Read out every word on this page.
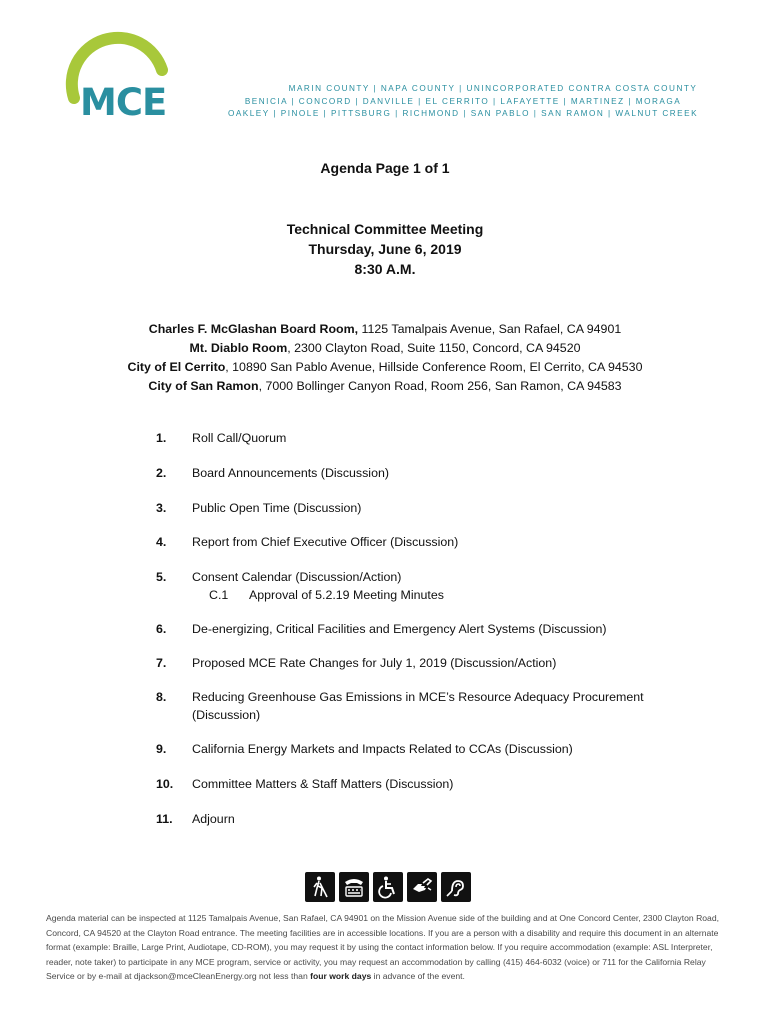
MCE	MARIN COUNTY | NAPA COUNTY | UNINCORPORATED CONTRA COSTA COUNTY
BENICIA | CONCORD | DANVILLE | EL CERRITO | LAFAYETTE | MARTINEZ | MORAGA
OAKLEY | PINOLE | PITTSBURG | RICHMOND | SAN PABLO | SAN RAMON | WALNUT CREEK
Agenda Page 1 of 1
Technical Committee Meeting
Thursday, June 6, 2019
8:30 A.M.
Charles F. McGlashan Board Room, 1125 Tamalpais Avenue, San Rafael, CA 94901
Mt. Diablo Room, 2300 Clayton Road, Suite 1150, Concord, CA 94520
City of El Cerrito, 10890 San Pablo Avenue, Hillside Conference Room, El Cerrito, CA 94530
City of San Ramon, 7000 Bollinger Canyon Road, Room 256, San Ramon, CA 94583
1. Roll Call/Quorum
2. Board Announcements (Discussion)
3. Public Open Time (Discussion)
4. Report from Chief Executive Officer (Discussion)
5. Consent Calendar (Discussion/Action)
C.1 Approval of 5.2.19 Meeting Minutes
6. De-energizing, Critical Facilities and Emergency Alert Systems (Discussion)
7. Proposed MCE Rate Changes for July 1, 2019 (Discussion/Action)
8. Reducing Greenhouse Gas Emissions in MCE’s Resource Adequacy Procurement (Discussion)
9. California Energy Markets and Impacts Related to CCAs (Discussion)
10. Committee Matters & Staff Matters (Discussion)
11. Adjourn
Agenda material can be inspected at 1125 Tamalpais Avenue, San Rafael, CA 94901 on the Mission Avenue side of the building and at One Concord Center, 2300 Clayton Road, Concord, CA 94520 at the Clayton Road entrance. The meeting facilities are in accessible locations. If you are a person with a disability and require this document in an alternate format (example: Braille, Large Print, Audiotape, CD-ROM), you may request it by using the contact information below. If you require accommodation (example: ASL Interpreter, reader, note taker) to participate in any MCE program, service or activity, you may request an accommodation by calling (415) 464-6032 (voice) or 711 for the California Relay Service or by e-mail at djackson@mceCleanEnergy.org not less than four work days in advance of the event.
